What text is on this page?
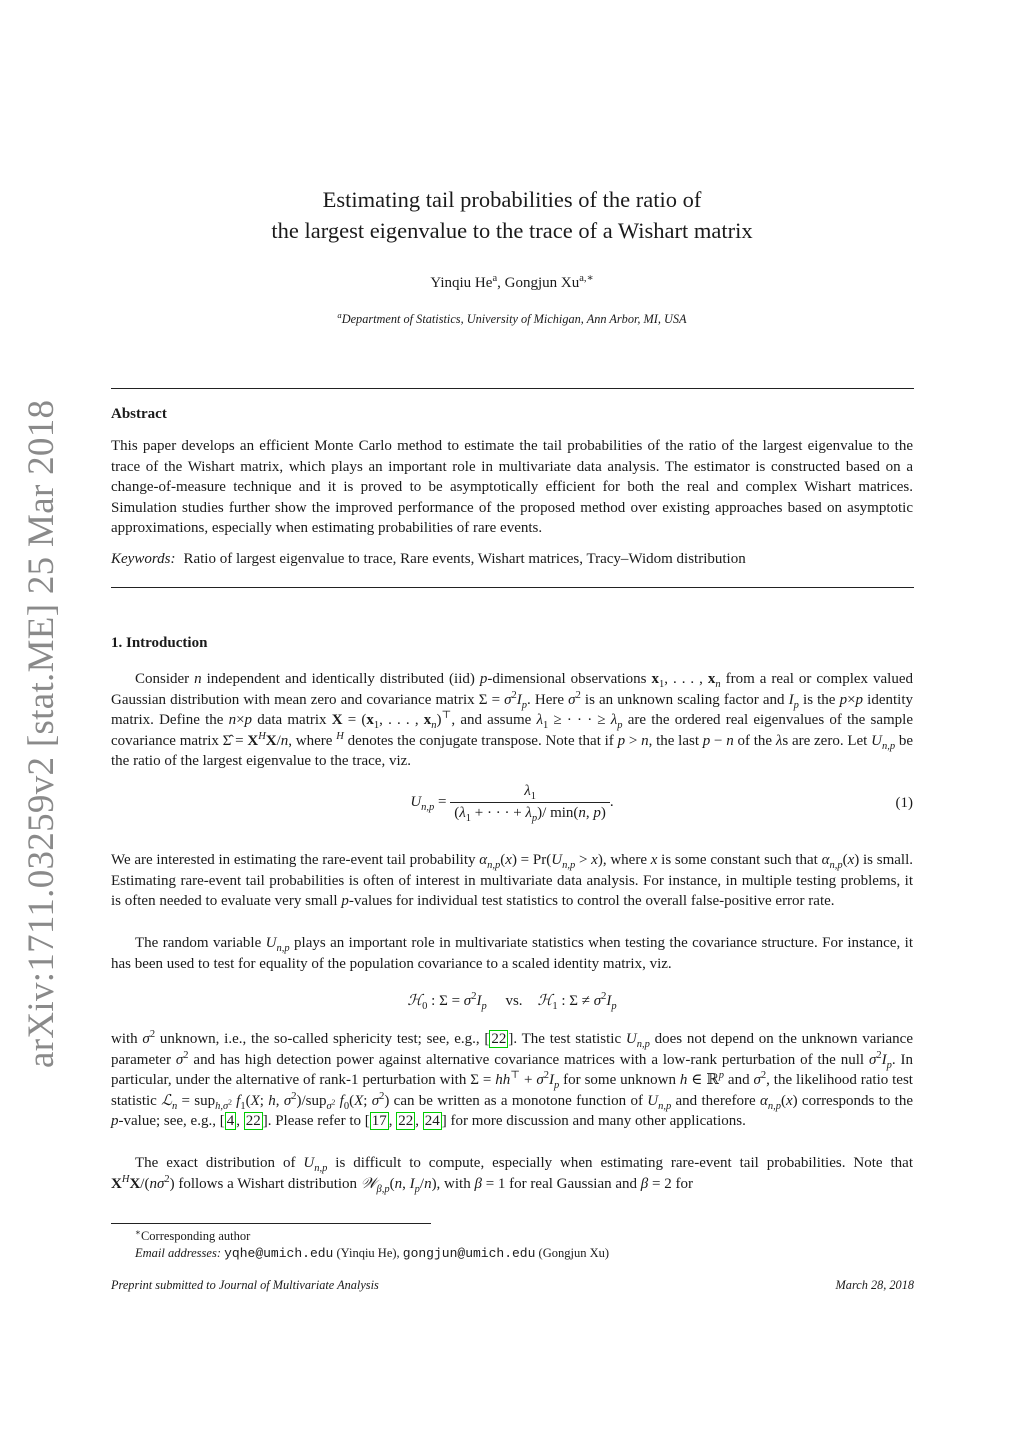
arXiv:1711.03259v2 [stat.ME] 25 Mar 2018
Estimating tail probabilities of the ratio of
the largest eigenvalue to the trace of a Wishart matrix
Yinqiu He$^a$, Gongjun $Xu^{a,∗}$
$^a$Department of Statistics, University of Michigan, Ann Arbor, MI, USA
Abstract

This paper develops an efficient Monte Carlo method to estimate the tail probabilities of the ratio of the largest eigenvalue to the trace of the Wishart matrix, which plays an important role in multivariate data analysis. The estimator is constructed based on a change-of-measure technique and it is proved to be asymptotically efficient for both the real and complex Wishart matrices. Simulation studies further show the improved performance of the proposed method over existing approaches based on asymptotic approximations, especially when estimating probabilities of rare events.

Keywords: Ratio of largest eigenvalue to trace, Rare events, Wishart matrices, Tracy–Widom distribution
1. Introduction

Consider n independent and identically distributed (iid) p-dimensional observations $x_1$, . . . , $x_n$ from a real or complex valued Gaussian distribution with mean zero and covariance matrix $\Sigma = \sigma^2I_p$. Here $\sigma^2$ is an unknown scaling factor and $I_p$ is the p×p identity matrix. Define the n×p data matrix $X = (x_1$, . . . , $x_n)^⊤$, and assume $\lambda_1$ ≥ · · · ≥ $\lambda_p$ are the ordered real eigenvalues of the sample covariance matrix Σ̂ = $X^HX/n$, where $^H$ denotes the conjugate transpose. Note that if p > n, the last p − n of the λs are zero. Let $U_{n,p}$ be the ratio of the largest eigenvalue to the trace, viz.

$U_{n,p} = \frac{\lambda_1}{(\lambda_1 + \cdot \cdot \cdot + \lambda_p)/ \min(n, p)}$ .	(1)

We are interested in estimating the rare-event tail probability $\alpha_{n,p}(x) = Pr(U_{n,p} > x)$, where x is some constant such that $\alpha_{n,p}(x)$ is small. Estimating rare-event tail probabilities is often of interest in multivariate data analysis. For instance, in multiple testing problems, it is often needed to evaluate very small p-values for individual test statistics to control the overall false-positive error rate.

The random variable $U_{n,p}$ plays an important role in multivariate statistics when testing the covariance structure. For instance, it has been used to test for equality of the population covariance to a scaled identity matrix, viz.

ℋ$_0$ : $\Sigma = \sigma^2I_p$     vs.    ℋ$_1$ : $\Sigma \ne \sigma^2I_p$

with $\sigma^2$ unknown, i.e., the so-called sphericity test; see, e.g., [ 22 ]. The test statistic $U_{n,p}$ does not depend on the unknown variance parameter $\sigma^2$ and has high detection power against alternative covariance matrices with a low-rank perturbation of the null $\sigma^2I_p$. In particular, under the alternative of rank-1 perturbation with $\Sigma = hh^⊤ + \sigma^2I_p$ for some unknown h ∈ ℝ$^p$ and $\sigma^2$, the likelihood ratio test statistic ℒ$_n$ = sup$_{h,\sigma^2}$ $f_1(X$; h, $\sigma^2)/sup_{\sigma^2}$ $f_0(X$; $\sigma^2$) can be written as a monotone function of $U_{n,p}$ and therefore $\alpha_{n,p}(x)$ corresponds to the p-value; see, e.g., [ 4 , 22 ]. Please refer to [ 17 , 22 , 24 ] for more discussion and many other applications.

The exact distribution of $U_{n,p}$ is difficult to compute, especially when estimating rare-event tail probabilities. Note that $X^HX/(n\sigma^2)$ follows a Wishart distribution 𝒲$_{\beta,p}$(n, $I_p/n$), with β = 1 for real Gaussian and β = 2 for

∗Corresponding author
Email addresses: yqhe@umich.edu (Yinqiu He), gongjun@umich.edu (Gongjun Xu)
Preprint submitted to Journal of Multivariate Analysis	March 28, 2018
